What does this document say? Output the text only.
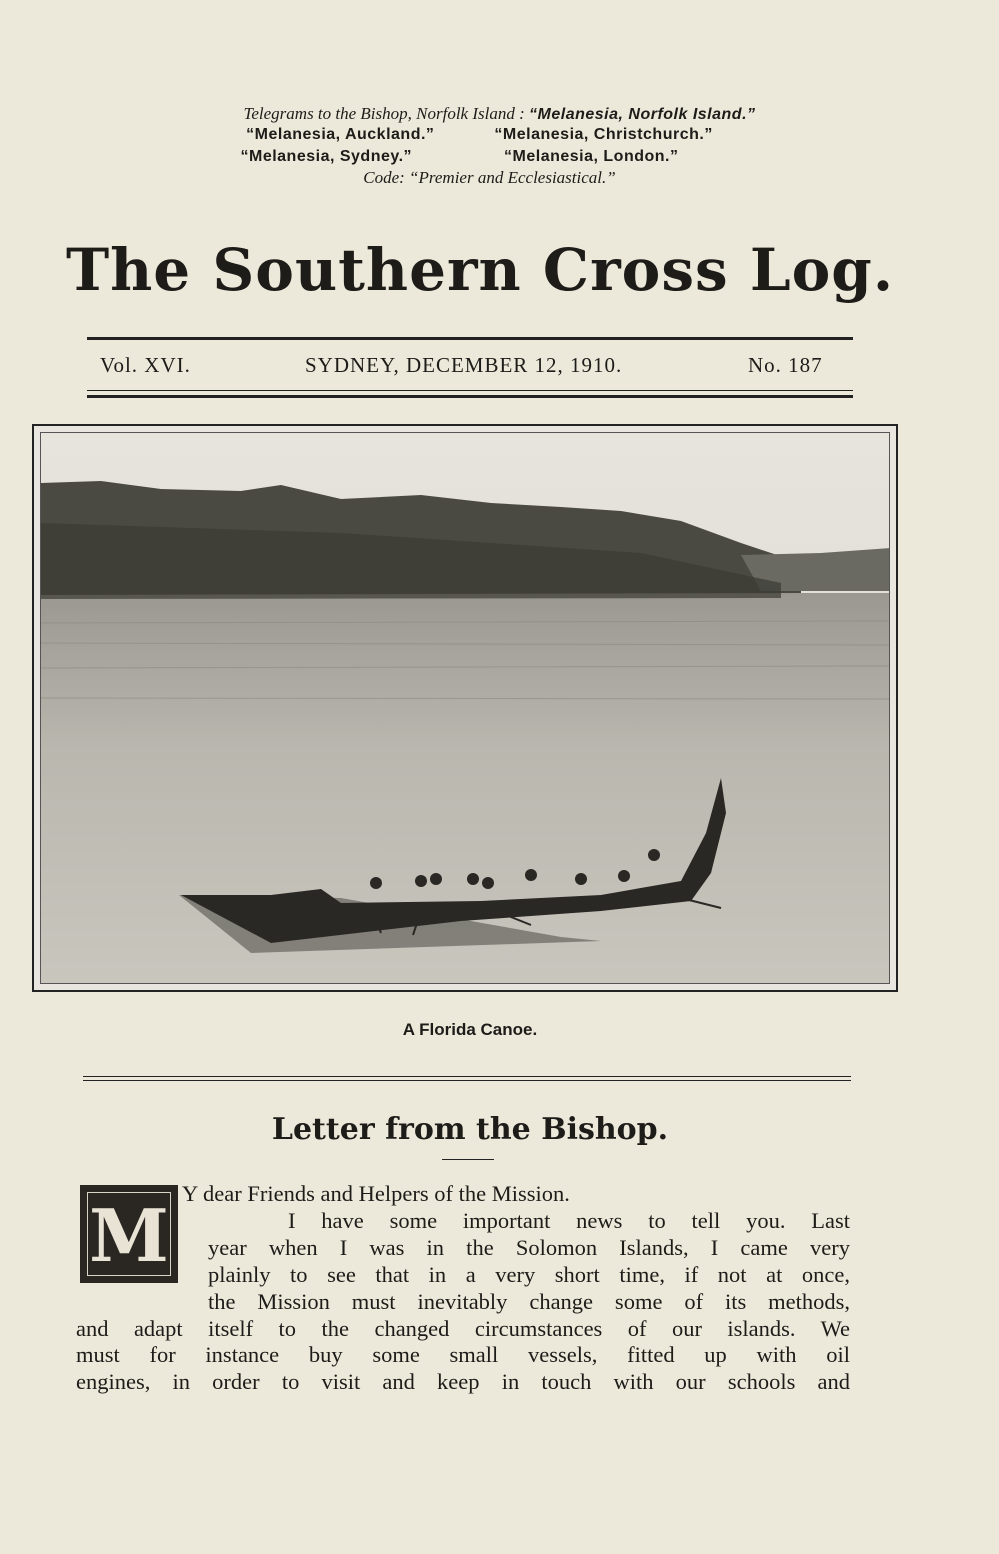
Telegrams to the Bishop, Norfolk Island : “Melanesia, Norfolk Island.”
“Melanesia, Auckland.”	“Melanesia, Christchurch.”
“Melanesia, Sydney.”	“Melanesia, London.”
Code: “Premier and Ecclesiastical.”
The Southern Cross Log.
Vol. XVI.	SYDNEY, DECEMBER 12, 1910.	No. 187
A Florida Canoe.
Letter from the Bishop.
M Y dear Friends and Helpers of the Mission.
I have some important news to tell you. Last
year when I was in the Solomon Islands, I came very
plainly to see that in a very short time, if not at once,
the Mission must inevitably change some of its methods,
and adapt itself to the changed circumstances of our islands. We
must for instance buy some small vessels, fitted up with oil
engines, in order to visit and keep in touch with our schools and
